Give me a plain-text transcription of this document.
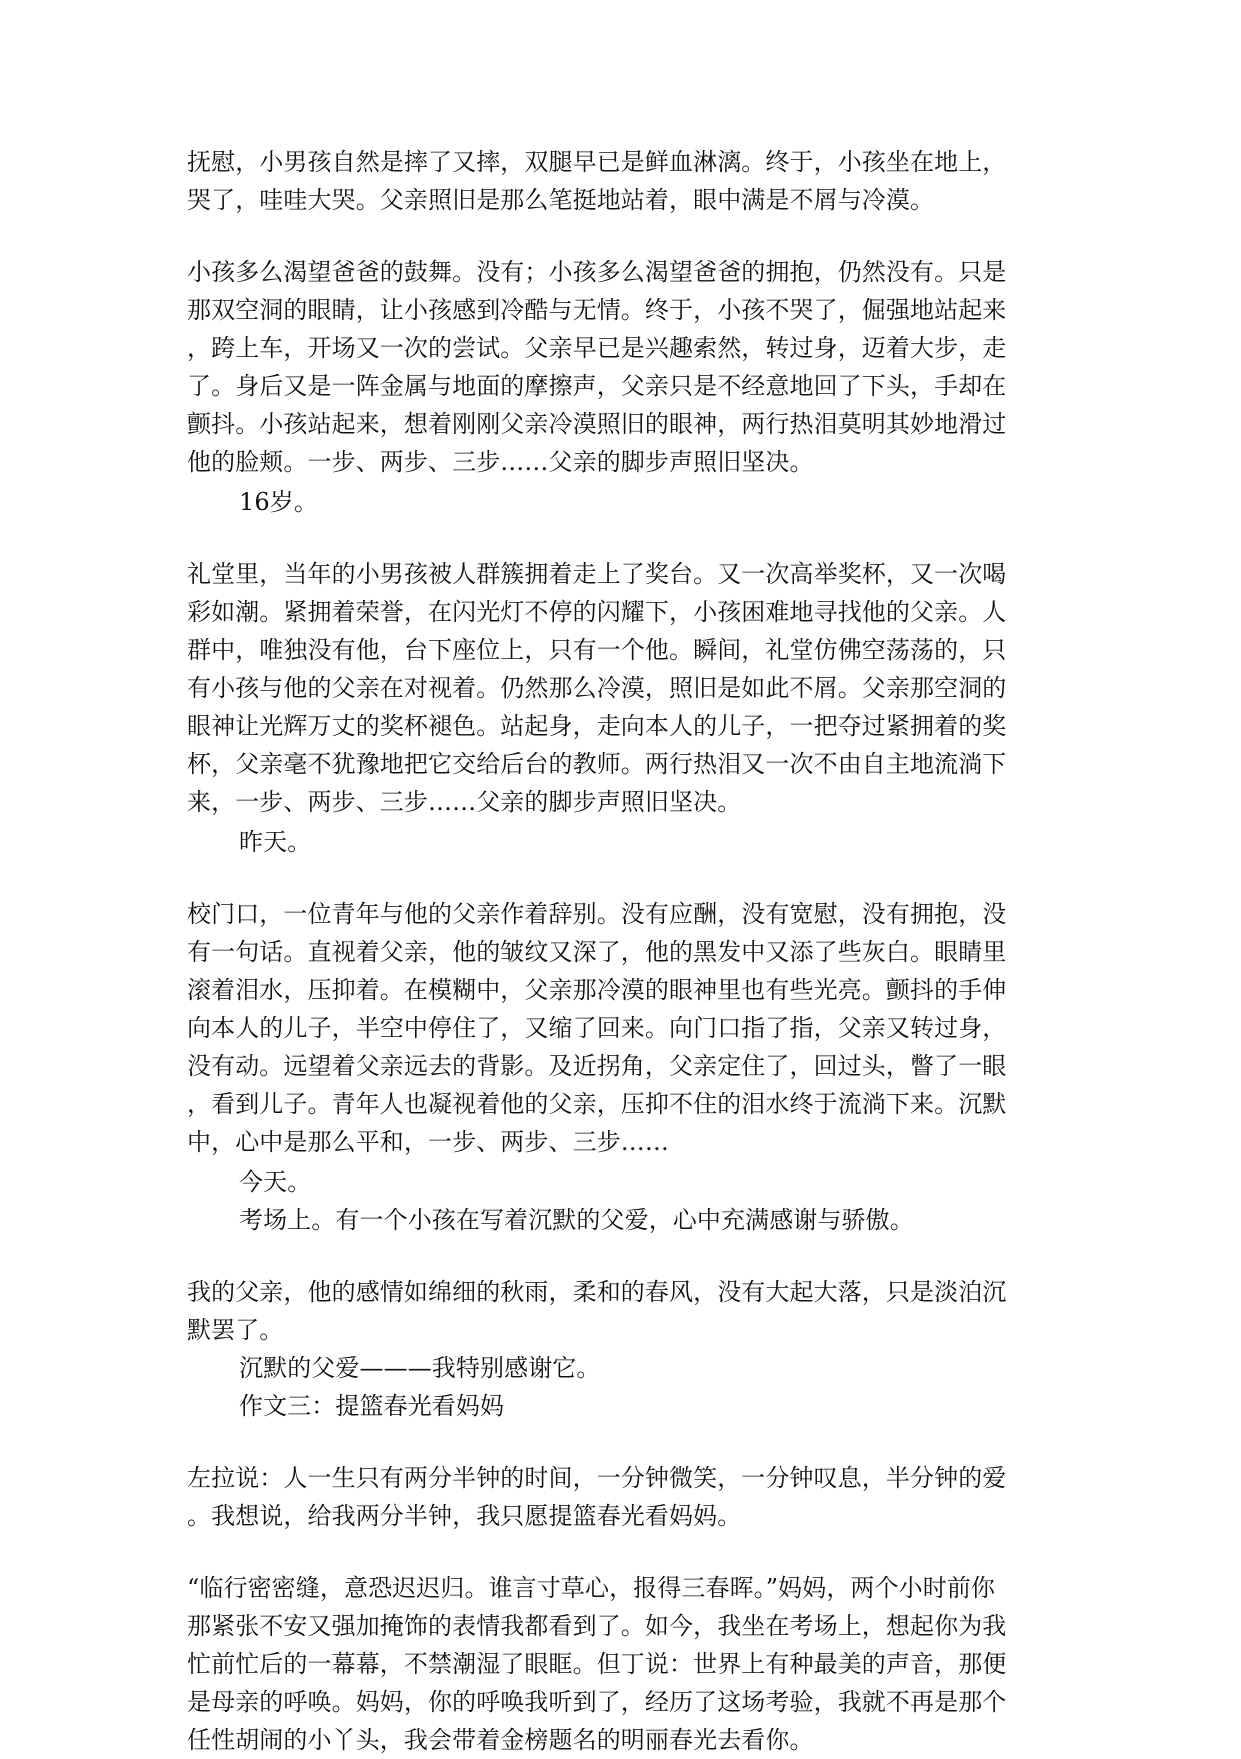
抚慰，小男孩自然是摔了又摔，双腿早已是鲜血淋漓。终于，小孩坐在地上，
哭了，哇哇大哭。父亲照旧是那么笔挺地站着，眼中满是不屑与冷漠。

小孩多么渴望爸爸的鼓舞。没有；小孩多么渴望爸爸的拥抱，仍然没有。只是
那双空洞的眼睛，让小孩感到冷酷与无情。终于，小孩不哭了，倔强地站起来
，跨上车，开场又一次的尝试。父亲早已是兴趣索然，转过身，迈着大步，走
了。身后又是一阵金属与地面的摩擦声，父亲只是不经意地回了下头，手却在
颤抖。小孩站起来，想着刚刚父亲冷漠照旧的眼神，两行热泪莫明其妙地滑过
他的脸颊。一步、两步、三步……父亲的脚步声照旧坚决。

16岁。

礼堂里，当年的小男孩被人群簇拥着走上了奖台。又一次高举奖杯，又一次喝
彩如潮。紧拥着荣誉，在闪光灯不停的闪耀下，小孩困难地寻找他的父亲。人
群中，唯独没有他，台下座位上，只有一个他。瞬间，礼堂仿佛空荡荡的，只
有小孩与他的父亲在对视着。仍然那么冷漠，照旧是如此不屑。父亲那空洞的
眼神让光辉万丈的奖杯褪色。站起身，走向本人的儿子，一把夺过紧拥着的奖
杯，父亲毫不犹豫地把它交给后台的教师。两行热泪又一次不由自主地流淌下
来，一步、两步、三步……父亲的脚步声照旧坚决。

昨天。

校门口，一位青年与他的父亲作着辞别。没有应酬，没有宽慰，没有拥抱，没
有一句话。直视着父亲，他的皱纹又深了，他的黑发中又添了些灰白。眼睛里
滚着泪水，压抑着。在模糊中，父亲那冷漠的眼神里也有些光亮。颤抖的手伸
向本人的儿子，半空中停住了，又缩了回来。向门口指了指，父亲又转过身，
没有动。远望着父亲远去的背影。及近拐角，父亲定住了，回过头，瞥了一眼
，看到儿子。青年人也凝视着他的父亲，压抑不住的泪水终于流淌下来。沉默
中，心中是那么平和，一步、两步、三步……

今天。

考场上。有一个小孩在写着沉默的父爱，心中充满感谢与骄傲。

我的父亲，他的感情如绵细的秋雨，柔和的春风，没有大起大落，只是淡泊沉
默罢了。

沉默的父爱———我特别感谢它。

作文三：提篮春光看妈妈

左拉说：人一生只有两分半钟的时间，一分钟微笑，一分钟叹息，半分钟的爱
。我想说，给我两分半钟，我只愿提篮春光看妈妈。

“临行密密缝，意恐迟迟归。谁言寸草心，报得三春晖。”妈妈，两个小时前你
那紧张不安又强加掩饰的表情我都看到了。如今，我坐在考场上，想起你为我
忙前忙后的一幕幕，不禁潮湿了眼眶。但丁说：世界上有种最美的声音，那便
是母亲的呼唤。妈妈，你的呼唤我听到了，经历了这场考验，我就不再是那个
任性胡闹的小丫头，我会带着金榜题名的明丽春光去看你。
